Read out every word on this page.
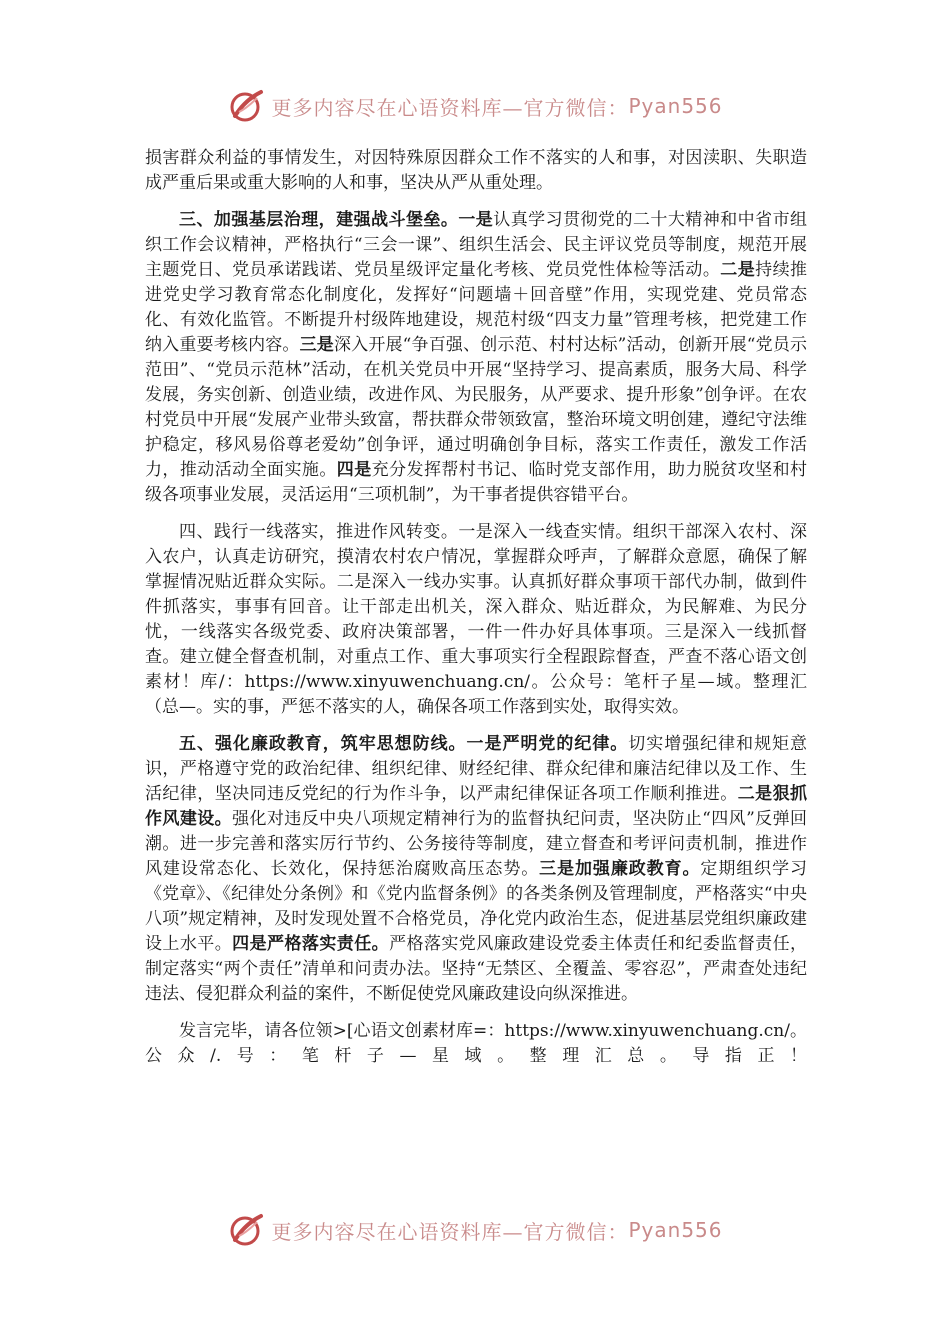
更多内容尽在心语资料库—官方微信： Pyan556

损害群众利益的事情发生，对因特殊原因群众工作不落实的人和事，对因渎职、失职造成严重后果或重大影响的人和事，坚决从严从重处理。

三、加强基层治理，建强战斗堡垒。一是认真学习贯彻党的二十大精神和中省市组织工作会议精神，严格执行“三会一课”、组织生活会、民主评议党员等制度，规范开展主题党日、党员承诺践诺、党员星级评定量化考核、党员党性体检等活动。二是持续推进党史学习教育常态化制度化，发挥好“问题墙＋回音壁”作用，实现党建、党员常态化、有效化监管。不断提升村级阵地建设，规范村级“四支力量”管理考核，把党建工作纳入重要考核内容。三是深入开展“争百强、创示范、村村达标”活动，创新开展“党员示范田”、“党员示范林”活动，在机关党员中开展“坚持学习、提高素质，服务大局、科学发展，务实创新、创造业绩，改进作风、为民服务，从严要求、提升形象”创争评。在农村党员中开展“发展产业带头致富，帮扶群众带领致富，整治环境文明创建，遵纪守法维护稳定，移风易俗尊老爱幼”创争评，通过明确创争目标，落实工作责任，激发工作活力，推动活动全面实施。四是充分发挥帮村书记、临时党支部作用，助力脱贫攻坚和村级各项事业发展，灵活运用“三项机制”，为干事者提供容错平台。

四、践行一线落实，推进作风转变。一是深入一线查实情。组织干部深入农村、深入农户，认真走访研究，摸清农村农户情况，掌握群众呼声，了解群众意愿，确保了解掌握情况贴近群众实际。二是深入一线办实事。认真抓好群众事项干部代办制，做到件件抓落实，事事有回音。让干部走出机关，深入群众、贴近群众，为民解难、为民分忧，一线落实各级党委、政府决策部署，一件一件办好具体事项。三是深入一线抓督查。建立健全督查机制，对重点工作、重大事项实行全程跟踪督查，严查不落心语文创素材！库/：https://www.xinyuwenchuang.cn/。公众号：笔杆子星—域。整理汇（总—。实的事，严惩不落实的人，确保各项工作落到实处，取得实效。

五、强化廉政教育，筑牢思想防线。一是严明党的纪律。切实增强纪律和规矩意识，严格遵守党的政治纪律、组织纪律、财经纪律、群众纪律和廉洁纪律以及工作、生活纪律，坚决同违反党纪的行为作斗争，以严肃纪律保证各项工作顺利推进。二是狠抓作风建设。强化对违反中央八项规定精神行为的监督执纪问责，坚决防止“四风”反弹回潮。进一步完善和落实厉行节约、公务接待等制度，建立督查和考评问责机制，推进作风建设常态化、长效化，保持惩治腐败高压态势。三是加强廉政教育。定期组织学习《党章》、《纪律处分条例》和《党内监督条例》的各类条例及管理制度，严格落实“中央八项”规定精神，及时发现处置不合格党员，净化党内政治生态，促进基层党组织廉政建设上水平。四是严格落实责任。严格落实党风廉政建设党委主体责任和纪委监督责任，制定落实“两个责任”清单和问责办法。坚持“无禁区、全覆盖、零容忍”，严肃查处违纪违法、侵犯群众利益的案件，不断促使党风廉政建设向纵深推进。

发言完毕，请各位领>[心语文创素材库=：https://www.xinyuwenchuang.cn/。公众/.号：笔杆子—星域。整理汇总。导指正！

更多内容尽在心语资料库—官方微信： Pyan556
